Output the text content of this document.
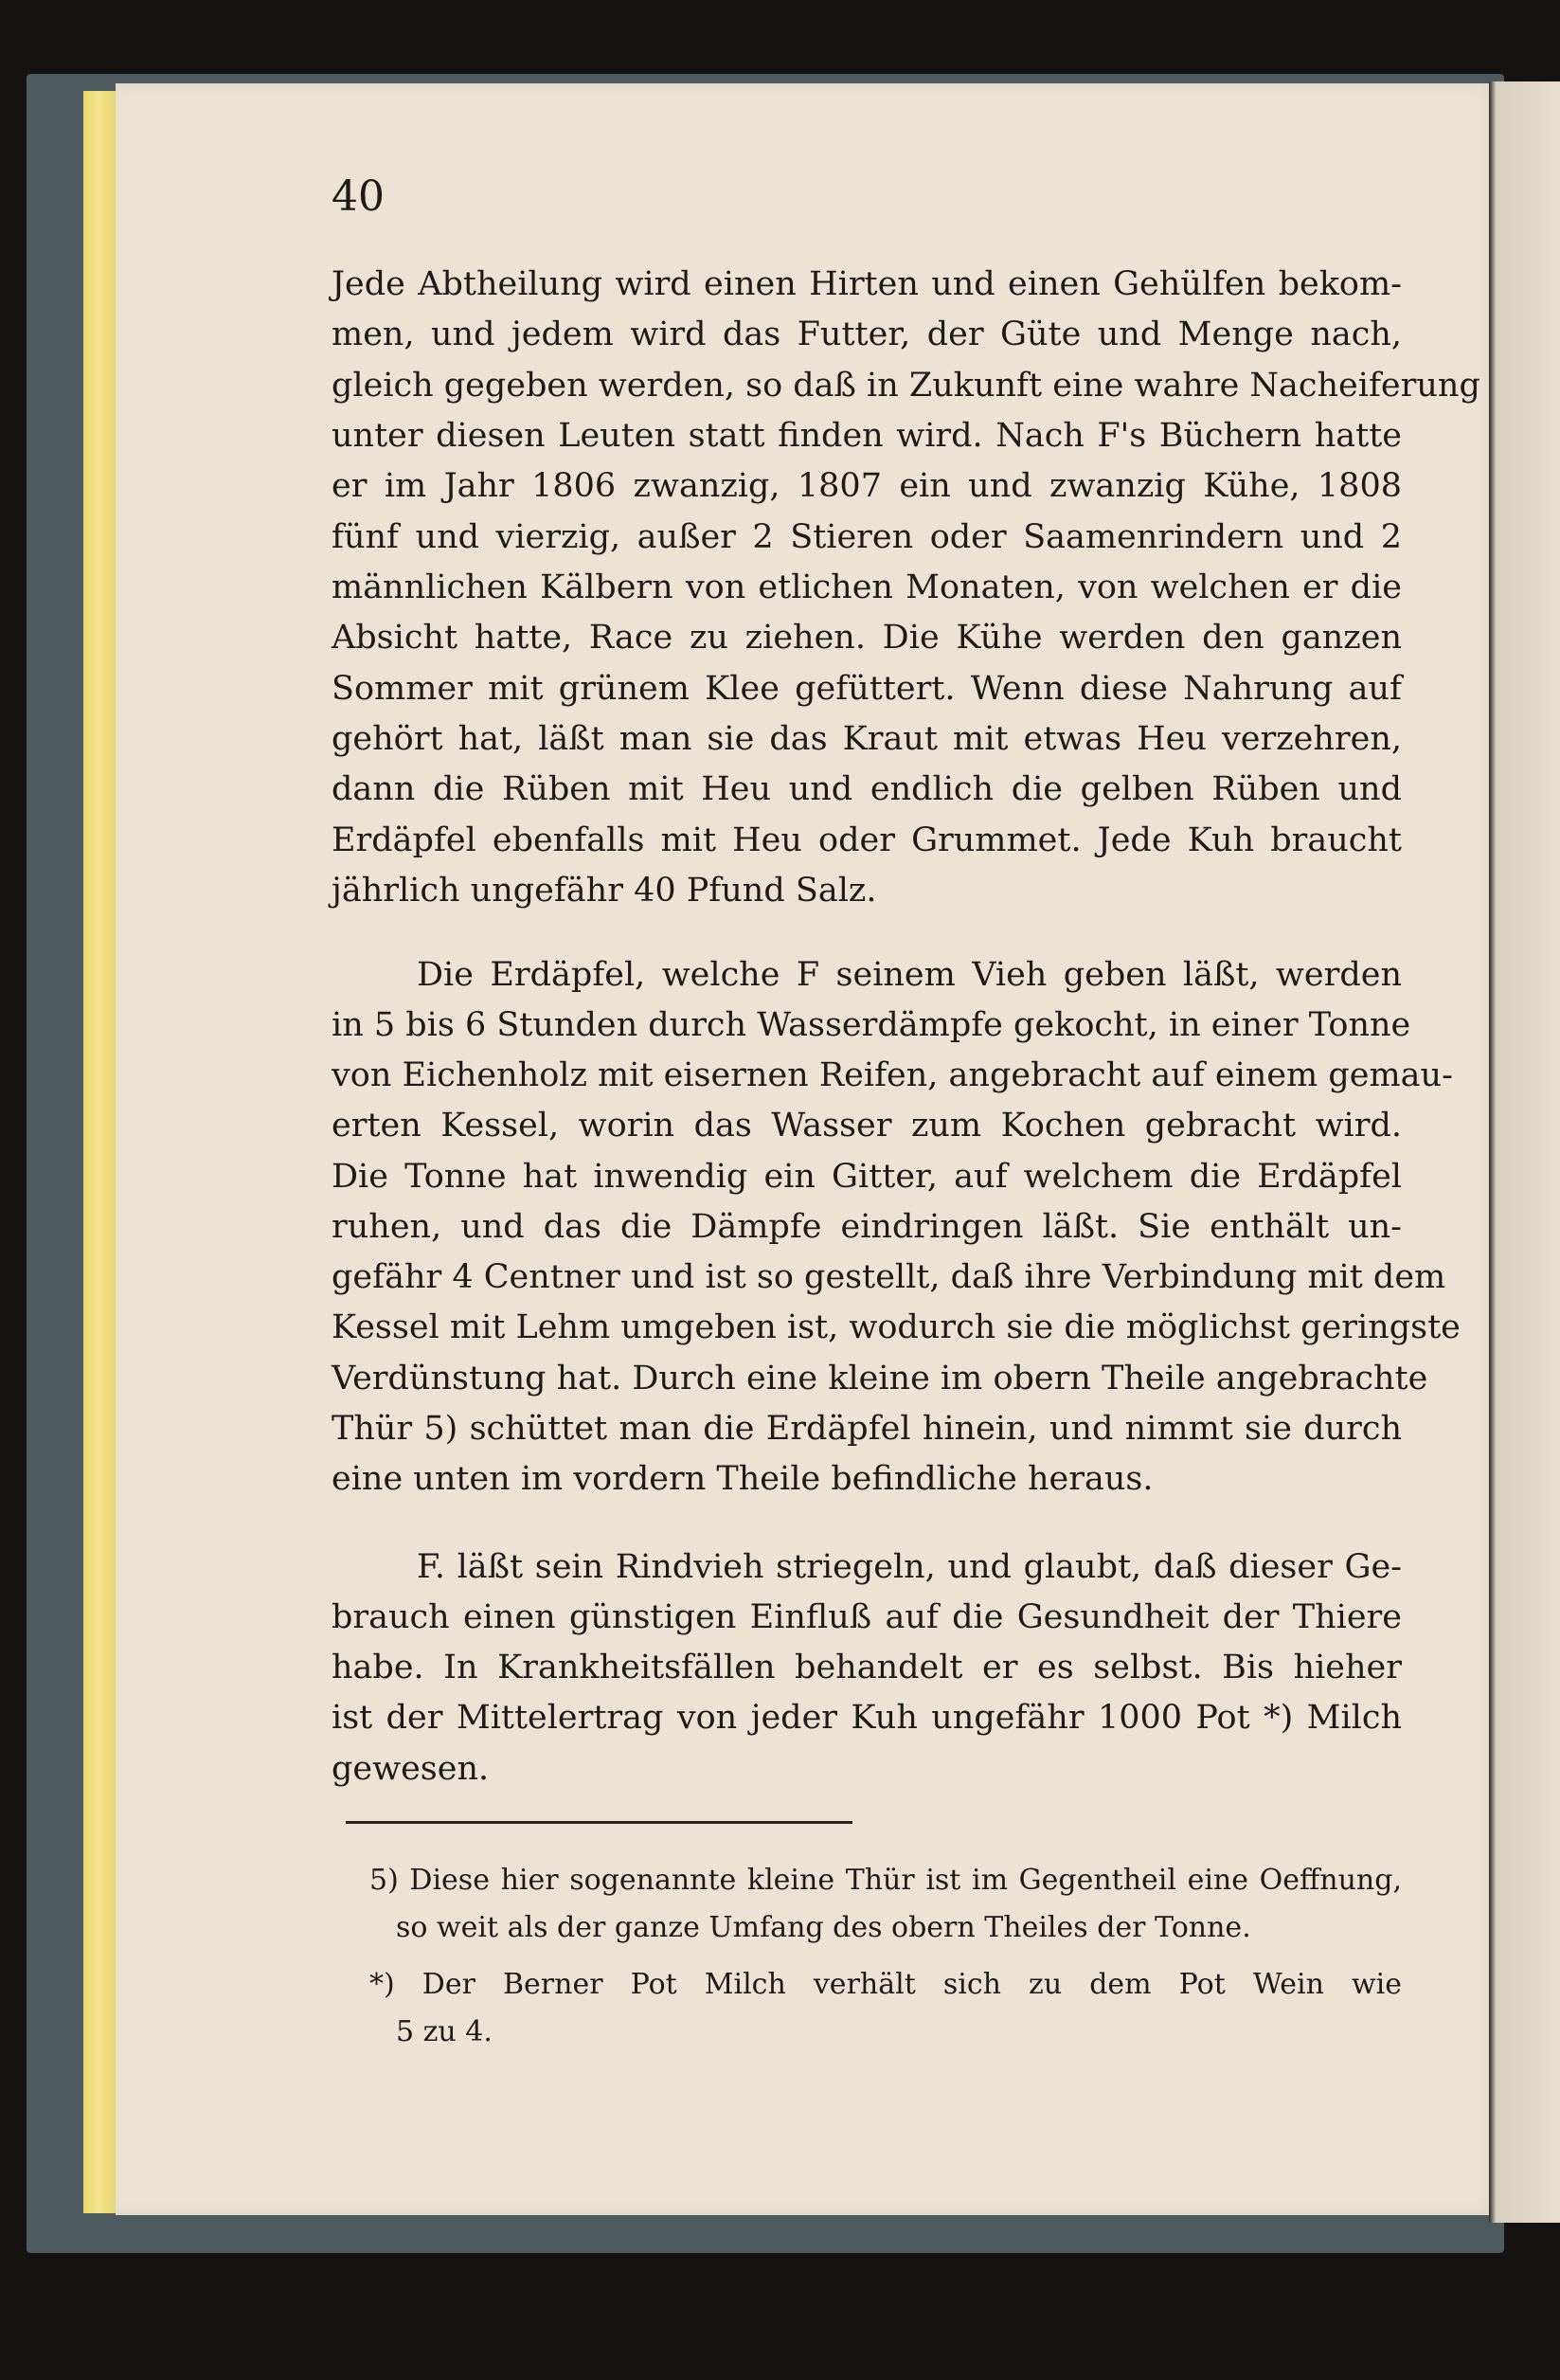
40
Jede Abtheilung wird einen Hirten und einen Gehülfen bekom-
men, und jedem wird das Futter, der Güte und Menge nach,
gleich gegeben werden, so daß in Zukunft eine wahre Nacheiferung
unter diesen Leuten statt finden wird. Nach F's Büchern hatte
er im Jahr 1806 zwanzig, 1807 ein und zwanzig Kühe, 1808
fünf und vierzig, außer 2 Stieren oder Saamenrindern und 2
männlichen Kälbern von etlichen Monaten, von welchen er die
Absicht hatte, Race zu ziehen. Die Kühe werden den ganzen
Sommer mit grünem Klee gefüttert. Wenn diese Nahrung auf
gehört hat, läßt man sie das Kraut mit etwas Heu verzehren,
dann die Rüben mit Heu und endlich die gelben Rüben und
Erdäpfel ebenfalls mit Heu oder Grummet. Jede Kuh braucht
jährlich ungefähr 40 Pfund Salz.
Die Erdäpfel, welche F seinem Vieh geben läßt, werden
in 5 bis 6 Stunden durch Wasserdämpfe gekocht, in einer Tonne
von Eichenholz mit eisernen Reifen, angebracht auf einem gemau-
erten Kessel, worin das Wasser zum Kochen gebracht wird.
Die Tonne hat inwendig ein Gitter, auf welchem die Erdäpfel
ruhen, und das die Dämpfe eindringen läßt. Sie enthält un-
gefähr 4 Centner und ist so gestellt, daß ihre Verbindung mit dem
Kessel mit Lehm umgeben ist, wodurch sie die möglichst geringste
Verdünstung hat. Durch eine kleine im obern Theile angebrachte
Thür 5) schüttet man die Erdäpfel hinein, und nimmt sie durch
eine unten im vordern Theile befindliche heraus.
F. läßt sein Rindvieh striegeln, und glaubt, daß dieser Ge-
brauch einen günstigen Einfluß auf die Gesundheit der Thiere
habe. In Krankheitsfällen behandelt er es selbst. Bis hieher
ist der Mittelertrag von jeder Kuh ungefähr 1000 Pot *) Milch
gewesen.
5) Diese hier sogenannte kleine Thür ist im Gegentheil eine Oeffnung,
so weit als der ganze Umfang des obern Theiles der Tonne.
*) Der Berner Pot Milch verhält sich zu dem Pot Wein wie
5 zu 4.
